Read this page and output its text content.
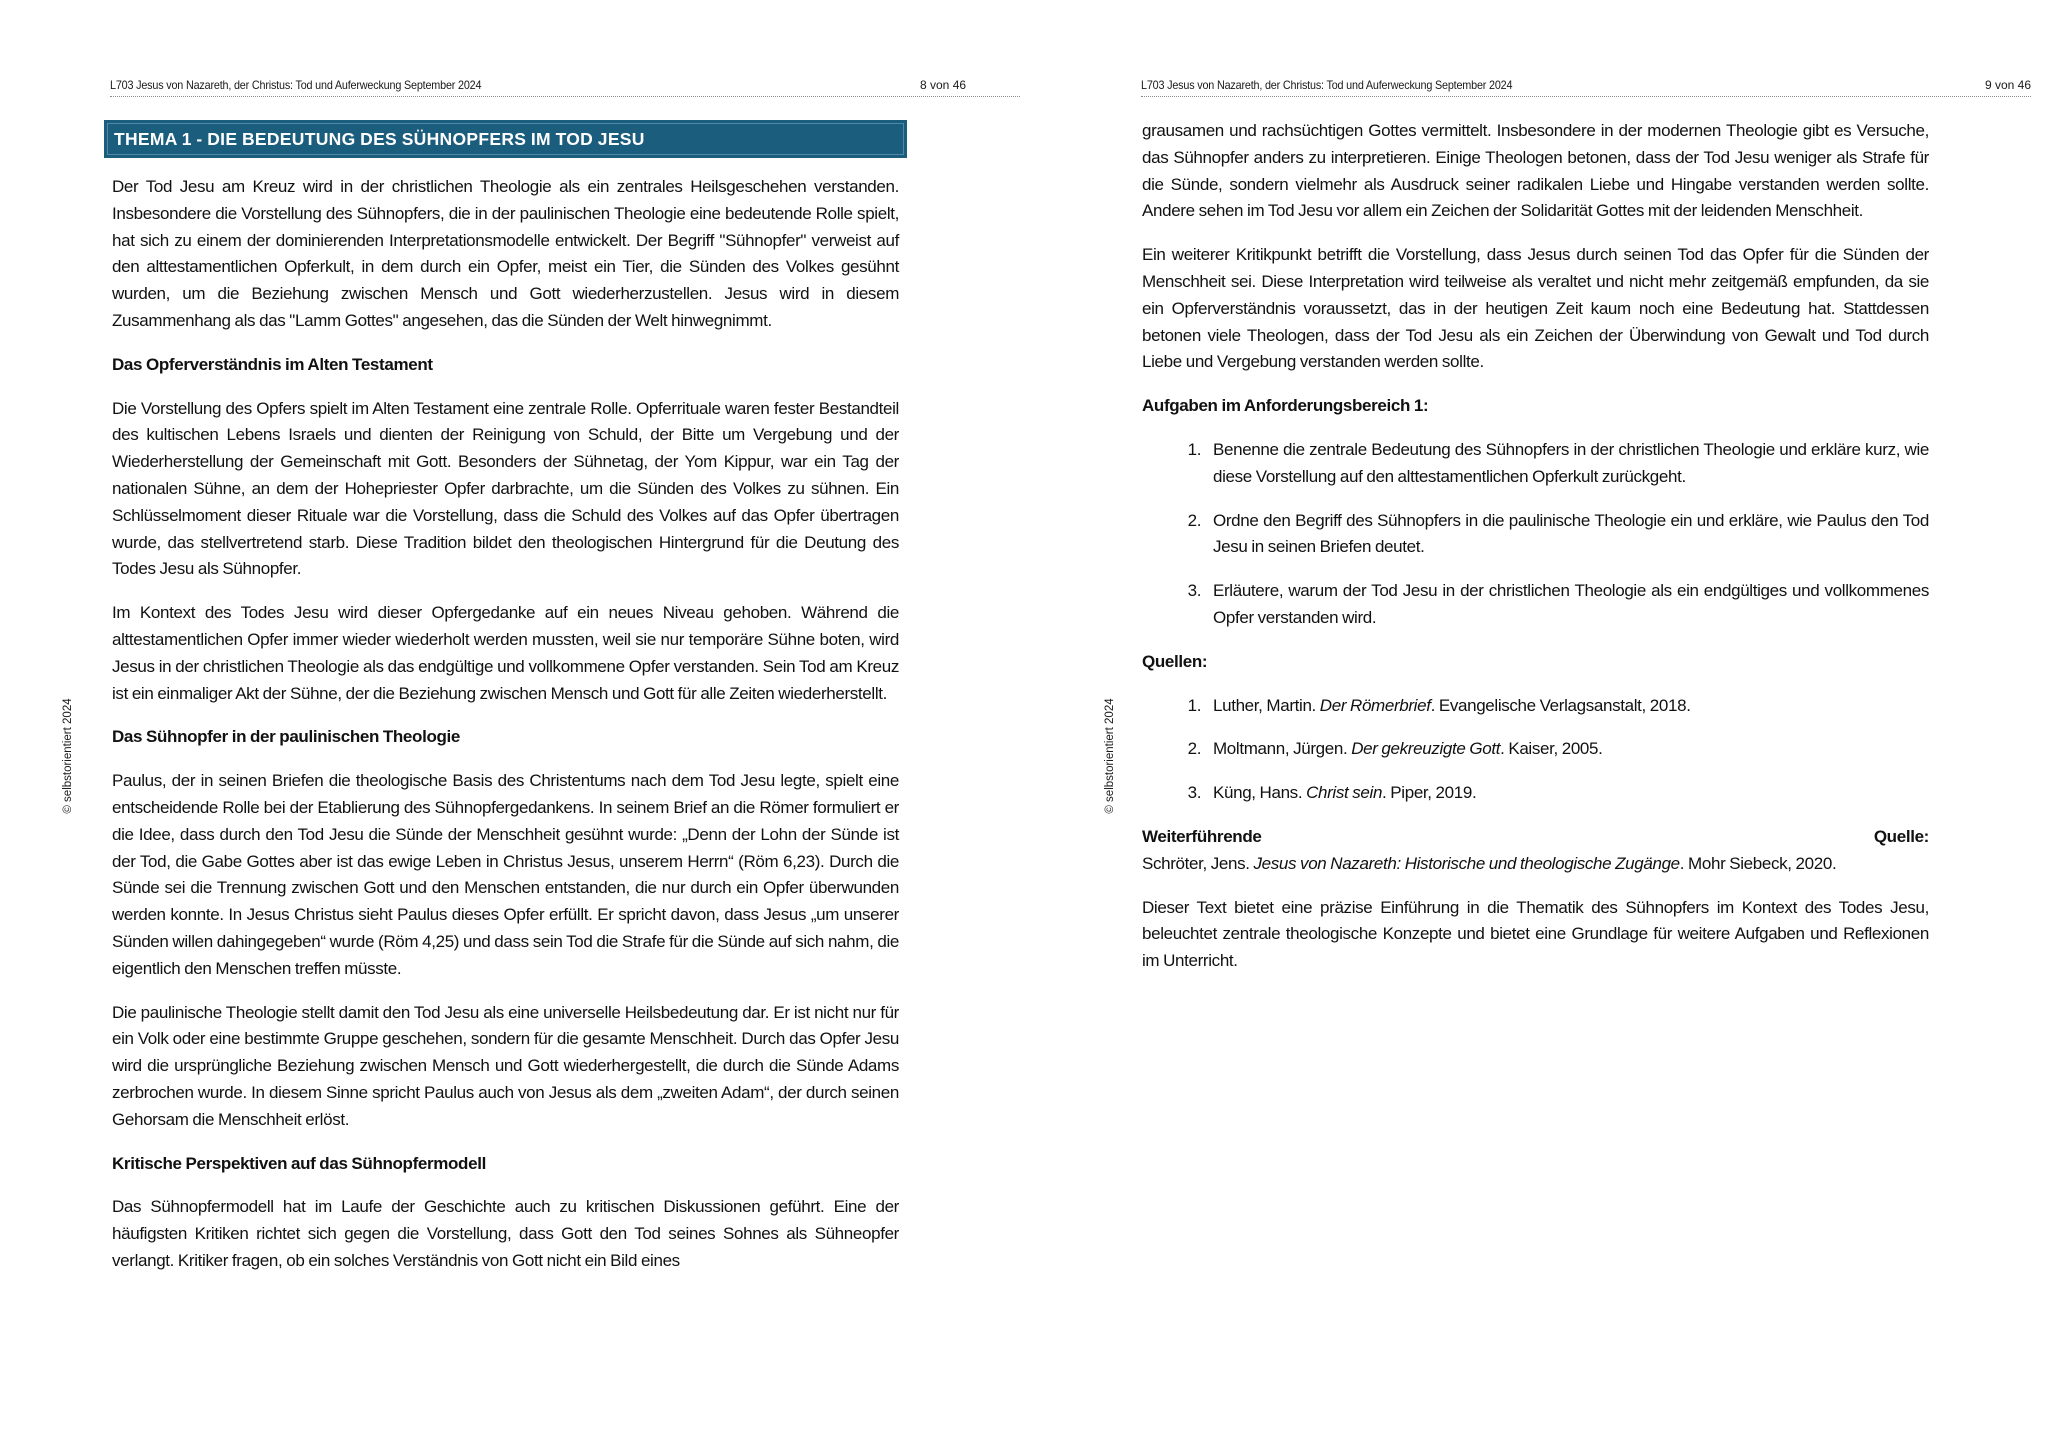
L703 Jesus von Nazareth, der Christus: Tod und Auferweckung September 2024	8 von 46
© selbstorientiert 2024
THEMA 1 - DIE BEDEUTUNG DES SÜHNOPFERS IM TOD JESU

Der Tod Jesu am Kreuz wird in der christlichen Theologie als ein zentrales Heilsgeschehen verstanden. Insbesondere die Vorstellung des Sühnopfers, die in der paulinischen Theologie eine bedeutende Rolle spielt, hat sich zu einem der dominierenden Interpretationsmodelle entwickelt. Der Begriff "Sühnopfer" verweist auf den alttestamentlichen Opferkult, in dem durch ein Opfer, meist ein Tier, die Sünden des Volkes gesühnt wurden, um die Beziehung zwischen Mensch und Gott wiederherzustellen. Jesus wird in diesem Zusammenhang als das "Lamm Gottes" angesehen, das die Sünden der Welt hinwegnimmt.

Das Opferverständnis im Alten Testament

Die Vorstellung des Opfers spielt im Alten Testament eine zentrale Rolle. Opferrituale waren fester Bestandteil des kultischen Lebens Israels und dienten der Reinigung von Schuld, der Bitte um Vergebung und der Wiederherstellung der Gemeinschaft mit Gott. Besonders der Sühnetag, der Yom Kippur, war ein Tag der nationalen Sühne, an dem der Hohepriester Opfer darbrachte, um die Sünden des Volkes zu sühnen. Ein Schlüsselmoment dieser Rituale war die Vorstellung, dass die Schuld des Volkes auf das Opfer übertragen wurde, das stellvertretend starb. Diese Tradition bildet den theologischen Hintergrund für die Deutung des Todes Jesu als Sühnopfer.

Im Kontext des Todes Jesu wird dieser Opfergedanke auf ein neues Niveau gehoben. Während die alttestamentlichen Opfer immer wieder wiederholt werden mussten, weil sie nur temporäre Sühne boten, wird Jesus in der christlichen Theologie als das endgültige und vollkommene Opfer verstanden. Sein Tod am Kreuz ist ein einmaliger Akt der Sühne, der die Beziehung zwischen Mensch und Gott für alle Zeiten wiederherstellt.

Das Sühnopfer in der paulinischen Theologie

Paulus, der in seinen Briefen die theologische Basis des Christentums nach dem Tod Jesu legte, spielt eine entscheidende Rolle bei der Etablierung des Sühnopfergedankens. In seinem Brief an die Römer formuliert er die Idee, dass durch den Tod Jesu die Sünde der Menschheit gesühnt wurde: „Denn der Lohn der Sünde ist der Tod, die Gabe Gottes aber ist das ewige Leben in Christus Jesus, unserem Herrn“ (Röm 6,23). Durch die Sünde sei die Trennung zwischen Gott und den Menschen entstanden, die nur durch ein Opfer überwunden werden konnte. In Jesus Christus sieht Paulus dieses Opfer erfüllt. Er spricht davon, dass Jesus „um unserer Sünden willen dahingegeben“ wurde (Röm 4,25) und dass sein Tod die Strafe für die Sünde auf sich nahm, die eigentlich den Menschen treffen müsste.

Die paulinische Theologie stellt damit den Tod Jesu als eine universelle Heilsbedeutung dar. Er ist nicht nur für ein Volk oder eine bestimmte Gruppe geschehen, sondern für die gesamte Menschheit. Durch das Opfer Jesu wird die ursprüngliche Beziehung zwischen Mensch und Gott wiederhergestellt, die durch die Sünde Adams zerbrochen wurde. In diesem Sinne spricht Paulus auch von Jesus als dem „zweiten Adam“, der durch seinen Gehorsam die Menschheit erlöst.

Kritische Perspektiven auf das Sühnopfermodell

Das Sühnopfermodell hat im Laufe der Geschichte auch zu kritischen Diskussionen geführt. Eine der häufigsten Kritiken richtet sich gegen die Vorstellung, dass Gott den Tod seines Sohnes als Sühneopfer verlangt. Kritiker fragen, ob ein solches Verständnis von Gott nicht ein Bild eines

L703 Jesus von Nazareth, der Christus: Tod und Auferweckung September 2024	9 von 46
© selbstorientiert 2024

grausamen und rachsüchtigen Gottes vermittelt. Insbesondere in der modernen Theologie gibt es Versuche, das Sühnopfer anders zu interpretieren. Einige Theologen betonen, dass der Tod Jesu weniger als Strafe für die Sünde, sondern vielmehr als Ausdruck seiner radikalen Liebe und Hingabe verstanden werden sollte. Andere sehen im Tod Jesu vor allem ein Zeichen der Solidarität Gottes mit der leidenden Menschheit.

Ein weiterer Kritikpunkt betrifft die Vorstellung, dass Jesus durch seinen Tod das Opfer für die Sünden der Menschheit sei. Diese Interpretation wird teilweise als veraltet und nicht mehr zeitgemäß empfunden, da sie ein Opferverständnis voraussetzt, das in der heutigen Zeit kaum noch eine Bedeutung hat. Stattdessen betonen viele Theologen, dass der Tod Jesu als ein Zeichen der Überwindung von Gewalt und Tod durch Liebe und Vergebung verstanden werden sollte.

Aufgaben im Anforderungsbereich 1:
1. Benenne die zentrale Bedeutung des Sühnopfers in der christlichen Theologie und erkläre kurz, wie diese Vorstellung auf den alttestamentlichen Opferkult zurückgeht.
2. Ordne den Begriff des Sühnopfers in die paulinische Theologie ein und erkläre, wie Paulus den Tod Jesu in seinen Briefen deutet.
3. Erläutere, warum der Tod Jesu in der christlichen Theologie als ein endgültiges und vollkommenes Opfer verstanden wird.
Quellen:
1. Luther, Martin. Der Römerbrief. Evangelische Verlagsanstalt, 2018.
2. Moltmann, Jürgen. Der gekreuzigte Gott. Kaiser, 2005.
3. Küng, Hans. Christ sein. Piper, 2019.
Weiterführende	Quelle:

Schröter, Jens. Jesus von Nazareth: Historische und theologische Zugänge. Mohr Siebeck, 2020.

Dieser Text bietet eine präzise Einführung in die Thematik des Sühnopfers im Kontext des Todes Jesu, beleuchtet zentrale theologische Konzepte und bietet eine Grundlage für weitere Aufgaben und Reflexionen im Unterricht.
